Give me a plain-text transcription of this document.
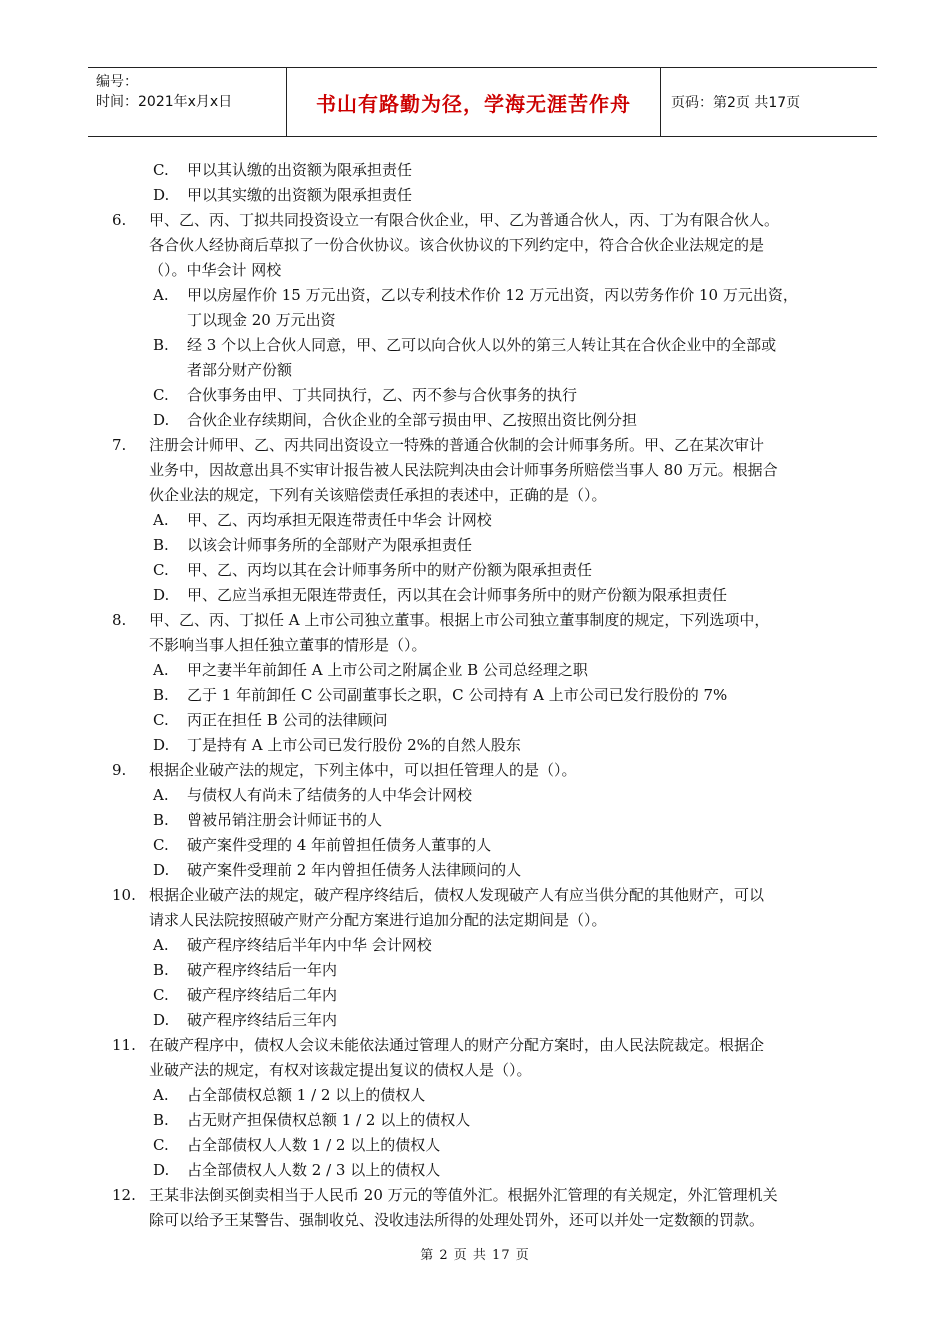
编号：
时间：2021年x月x日	书山有路勤为径，学海无涯苦作舟	页码：第2页 共17页
C. 甲以其认缴的出资额为限承担责任
D. 甲以其实缴的出资额为限承担责任
6. 甲、乙、丙、丁拟共同投资设立一有限合伙企业，甲、乙为普通合伙人，丙、丁为有限合伙人。
各合伙人经协商后草拟了一份合伙协议。该合伙协议的下列约定中，符合合伙企业法规定的是
（）。中华会计 网校
A. 甲以房屋作价 15 万元出资，乙以专利技术作价 12 万元出资，丙以劳务作价 10 万元出资，
丁以现金 20 万元出资
B. 经 3 个以上合伙人同意，甲、乙可以向合伙人以外的第三人转让其在合伙企业中的全部或
者部分财产份额
C. 合伙事务由甲、丁共同执行，乙、丙不参与合伙事务的执行
D. 合伙企业存续期间，合伙企业的全部亏损由甲、乙按照出资比例分担
7. 注册会计师甲、乙、丙共同出资设立一特殊的普通合伙制的会计师事务所。甲、乙在某次审计
业务中，因故意出具不实审计报告被人民法院判决由会计师事务所赔偿当事人 80 万元。根据合
伙企业法的规定，下列有关该赔偿责任承担的表述中，正确的是（）。
A. 甲、乙、丙均承担无限连带责任中华会 计网校
B. 以该会计师事务所的全部财产为限承担责任
C. 甲、乙、丙均以其在会计师事务所中的财产份额为限承担责任
D. 甲、乙应当承担无限连带责任，丙以其在会计师事务所中的财产份额为限承担责任
8. 甲、乙、丙、丁拟任 A 上市公司独立董事。根据上市公司独立董事制度的规定，下列选项中，
不影响当事人担任独立董事的情形是（）。
A. 甲之妻半年前卸任 A 上市公司之附属企业 B 公司总经理之职
B. 乙于 1 年前卸任 C 公司副董事长之职，C 公司持有 A 上市公司已发行股份的 7%
C. 丙正在担任 B 公司的法律顾问
D. 丁是持有 A 上市公司已发行股份 2%的自然人股东
9. 根据企业破产法的规定，下列主体中，可以担任管理人的是（）。
A. 与债权人有尚未了结债务的人中华会计网校
B. 曾被吊销注册会计师证书的人
C. 破产案件受理的 4 年前曾担任债务人董事的人
D. 破产案件受理前 2 年内曾担任债务人法律顾问的人
10. 根据企业破产法的规定，破产程序终结后，债权人发现破产人有应当供分配的其他财产，可以
请求人民法院按照破产财产分配方案进行追加分配的法定期间是（）。
A. 破产程序终结后半年内中华 会计网校
B. 破产程序终结后一年内
C. 破产程序终结后二年内
D. 破产程序终结后三年内
11. 在破产程序中，债权人会议未能依法通过管理人的财产分配方案时，由人民法院裁定。根据企
业破产法的规定，有权对该裁定提出复议的债权人是（）。
A. 占全部债权总额 1 / 2 以上的债权人
B. 占无财产担保债权总额 1 / 2 以上的债权人
C. 占全部债权人人数 1 / 2 以上的债权人
D. 占全部债权人人数 2 / 3 以上的债权人
12. 王某非法倒买倒卖相当于人民币 20 万元的等值外汇。根据外汇管理的有关规定，外汇管理机关
除可以给予王某警告、强制收兑、没收违法所得的处理处罚外，还可以并处一定数额的罚款。
第 2 页 共 17 页
